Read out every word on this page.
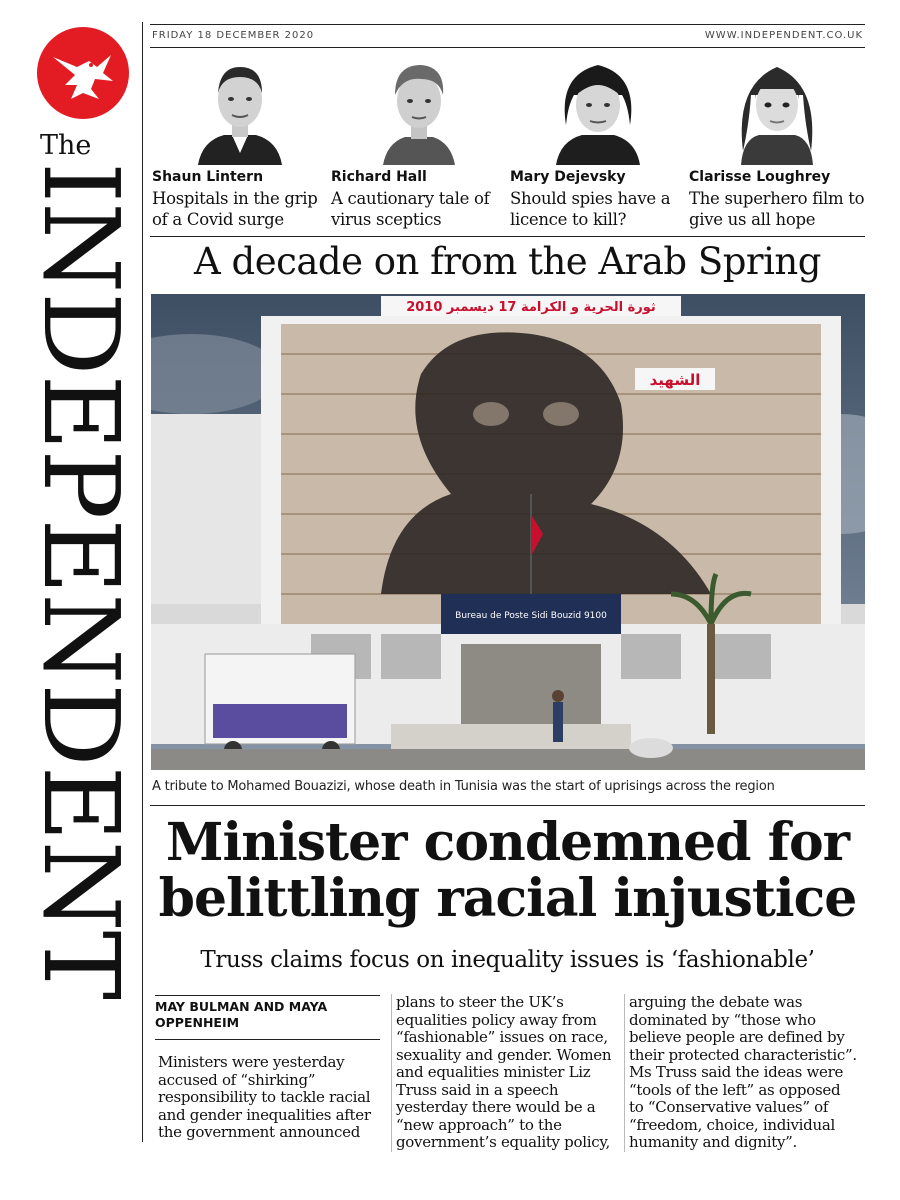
The
INDEPENDENT
FRIDAY 18 DECEMBER 2020	WWW.INDEPENDENT.CO.UK
Shaun Lintern
Hospitals in the grip of a Covid surge
Richard Hall
A cautionary tale of virus sceptics
Mary Dejevsky
Should spies have a licence to kill?
Clarisse Loughrey
The superhero film to give us all hope
A decade on from the Arab Spring
ثورة الحرية و الكرامة 17 ديسمبر 2010
الشهيد
Bureau de Poste Sidi Bouzid 9100
A tribute to Mohamed Bouazizi, whose death in Tunisia was the start of uprisings across the region
Minister condemned for
belittling racial injustice
Truss claims focus on inequality issues is ‘fashionable’
MAY BULMAN AND MAYA OPPENHEIM
Ministers were yesterday accused of “shirking” responsibility to tackle racial and gender inequalities after the government announced
plans to steer the UK’s equalities policy away from “fashionable” issues on race, sexuality and gender. Women and equalities minister Liz Truss said in a speech yesterday there would be a “new approach” to the government’s equality policy,
arguing the debate was dominated by “those who believe people are defined by their protected characteristic”. Ms Truss said the ideas were “tools of the left” as opposed to “Conservative values” of “freedom, choice, individual humanity and dignity”.
